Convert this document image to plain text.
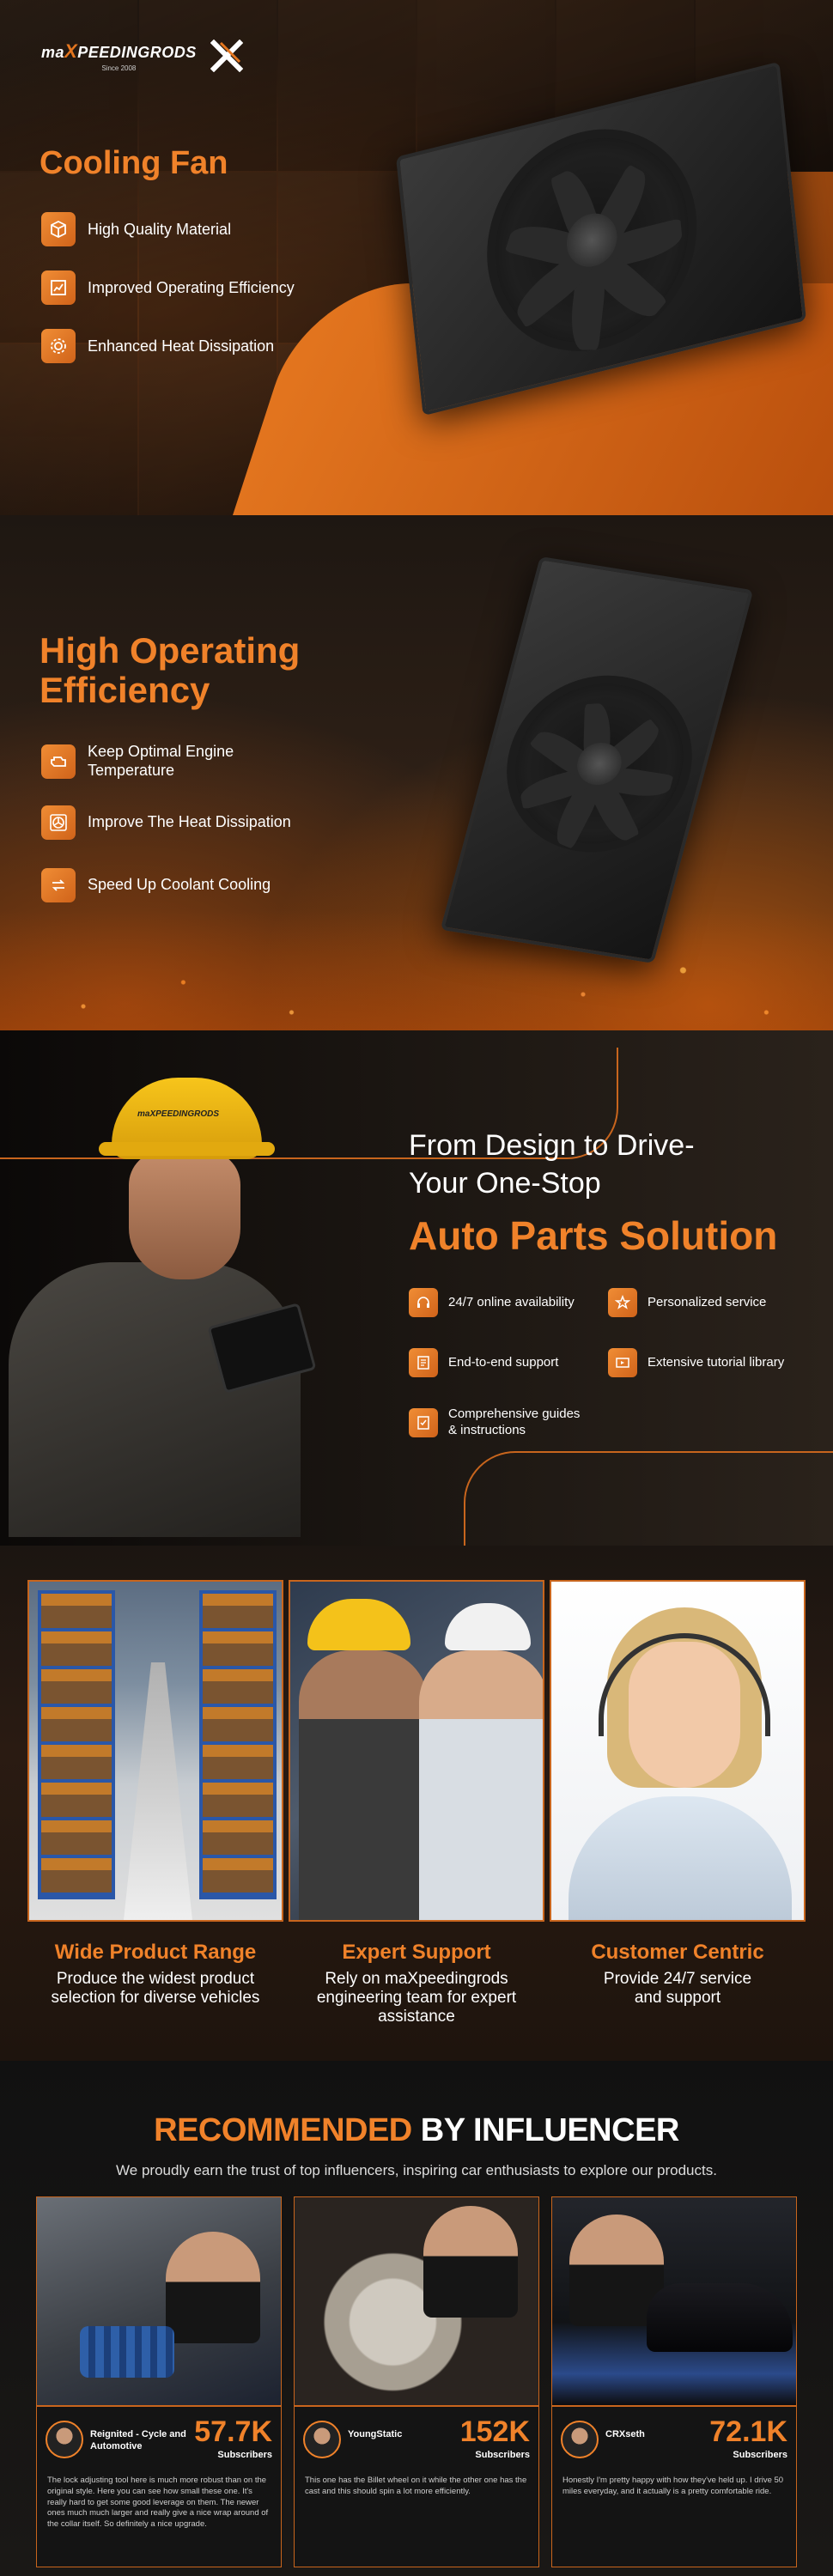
maXPEEDINGRODS
Since 2008
Cooling Fan
High Quality Material
Improved Operating Efficiency
Enhanced Heat Dissipation
High Operating
Efficiency
Keep Optimal Engine Temperature
Improve The Heat Dissipation
Speed Up Coolant Cooling
maXPEEDINGRODS
From Design to Drive-
Your One-Stop
Auto Parts Solution
24/7 online availability	Personalized service
End-to-end support	Extensive tutorial library
Comprehensive guides & instructions
Wide Product Range
Produce the widest product selection for diverse vehicles
Expert Support
Rely on maXpeedingrods engineering team for expert assistance
Customer Centric
Provide 24/7 service and support
RECOMMENDED BY INFLUENCER

We proudly earn the trust of top influencers, inspiring car enthusiasts to explore our products.

Reignited - Cycle and Automotive	57.7K
Subscribers
The lock adjusting tool here is much more robust than on the original style. Here you can see how small these one. It's really hard to get some good leverage on them. The newer ones much much larger and really give a nice wrap around of the collar itself. So definitely a nice upgrade.
YoungStatic	152K
Subscribers
This one has the Billet wheel on it while the other one has the cast and this should spin a lot more efficiently.
CRXseth	72.1K
Subscribers
Honestly I'm pretty happy with how they've held up. I drive 50 miles everyday, and it actually is a pretty comfortable ride.
